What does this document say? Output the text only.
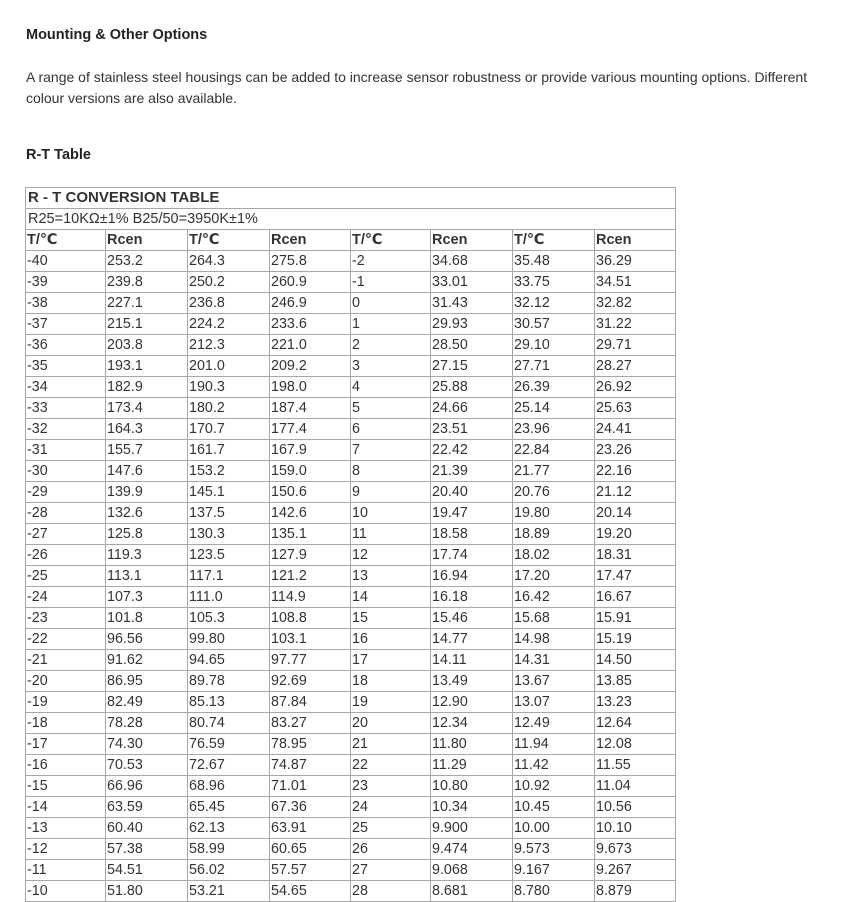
Mounting & Other Options

A range of stainless steel housings can be added to increase sensor robustness or provide various mounting options. Different colour versions are also available.

R-T Table
R - T CONVERSION TABLE							
R25=10KΩ±1% B25/50=3950K±1%							
T/℃	Rcen	T/℃	Rcen	T/℃	Rcen	T/℃	Rcen
-40	253.2	264.3	275.8	-2	34.68	35.48	36.29
-39	239.8	250.2	260.9	-1	33.01	33.75	34.51
-38	227.1	236.8	246.9	0	31.43	32.12	32.82
-37	215.1	224.2	233.6	1	29.93	30.57	31.22
-36	203.8	212.3	221.0	2	28.50	29.10	29.71
-35	193.1	201.0	209.2	3	27.15	27.71	28.27
-34	182.9	190.3	198.0	4	25.88	26.39	26.92
-33	173.4	180.2	187.4	5	24.66	25.14	25.63
-32	164.3	170.7	177.4	6	23.51	23.96	24.41
-31	155.7	161.7	167.9	7	22.42	22.84	23.26
-30	147.6	153.2	159.0	8	21.39	21.77	22.16
-29	139.9	145.1	150.6	9	20.40	20.76	21.12
-28	132.6	137.5	142.6	10	19.47	19.80	20.14
-27	125.8	130.3	135.1	11	18.58	18.89	19.20
-26	119.3	123.5	127.9	12	17.74	18.02	18.31
-25	113.1	117.1	121.2	13	16.94	17.20	17.47
-24	107.3	111.0	114.9	14	16.18	16.42	16.67
-23	101.8	105.3	108.8	15	15.46	15.68	15.91
-22	96.56	99.80	103.1	16	14.77	14.98	15.19
-21	91.62	94.65	97.77	17	14.11	14.31	14.50
-20	86.95	89.78	92.69	18	13.49	13.67	13.85
-19	82.49	85.13	87.84	19	12.90	13.07	13.23
-18	78.28	80.74	83.27	20	12.34	12.49	12.64
-17	74.30	76.59	78.95	21	11.80	11.94	12.08
-16	70.53	72.67	74.87	22	11.29	11.42	11.55
-15	66.96	68.96	71.01	23	10.80	10.92	11.04
-14	63.59	65.45	67.36	24	10.34	10.45	10.56
-13	60.40	62.13	63.91	25	9.900	10.00	10.10
-12	57.38	58.99	60.65	26	9.474	9.573	9.673
-11	54.51	56.02	57.57	27	9.068	9.167	9.267
-10	51.80	53.21	54.65	28	8.681	8.780	8.879
